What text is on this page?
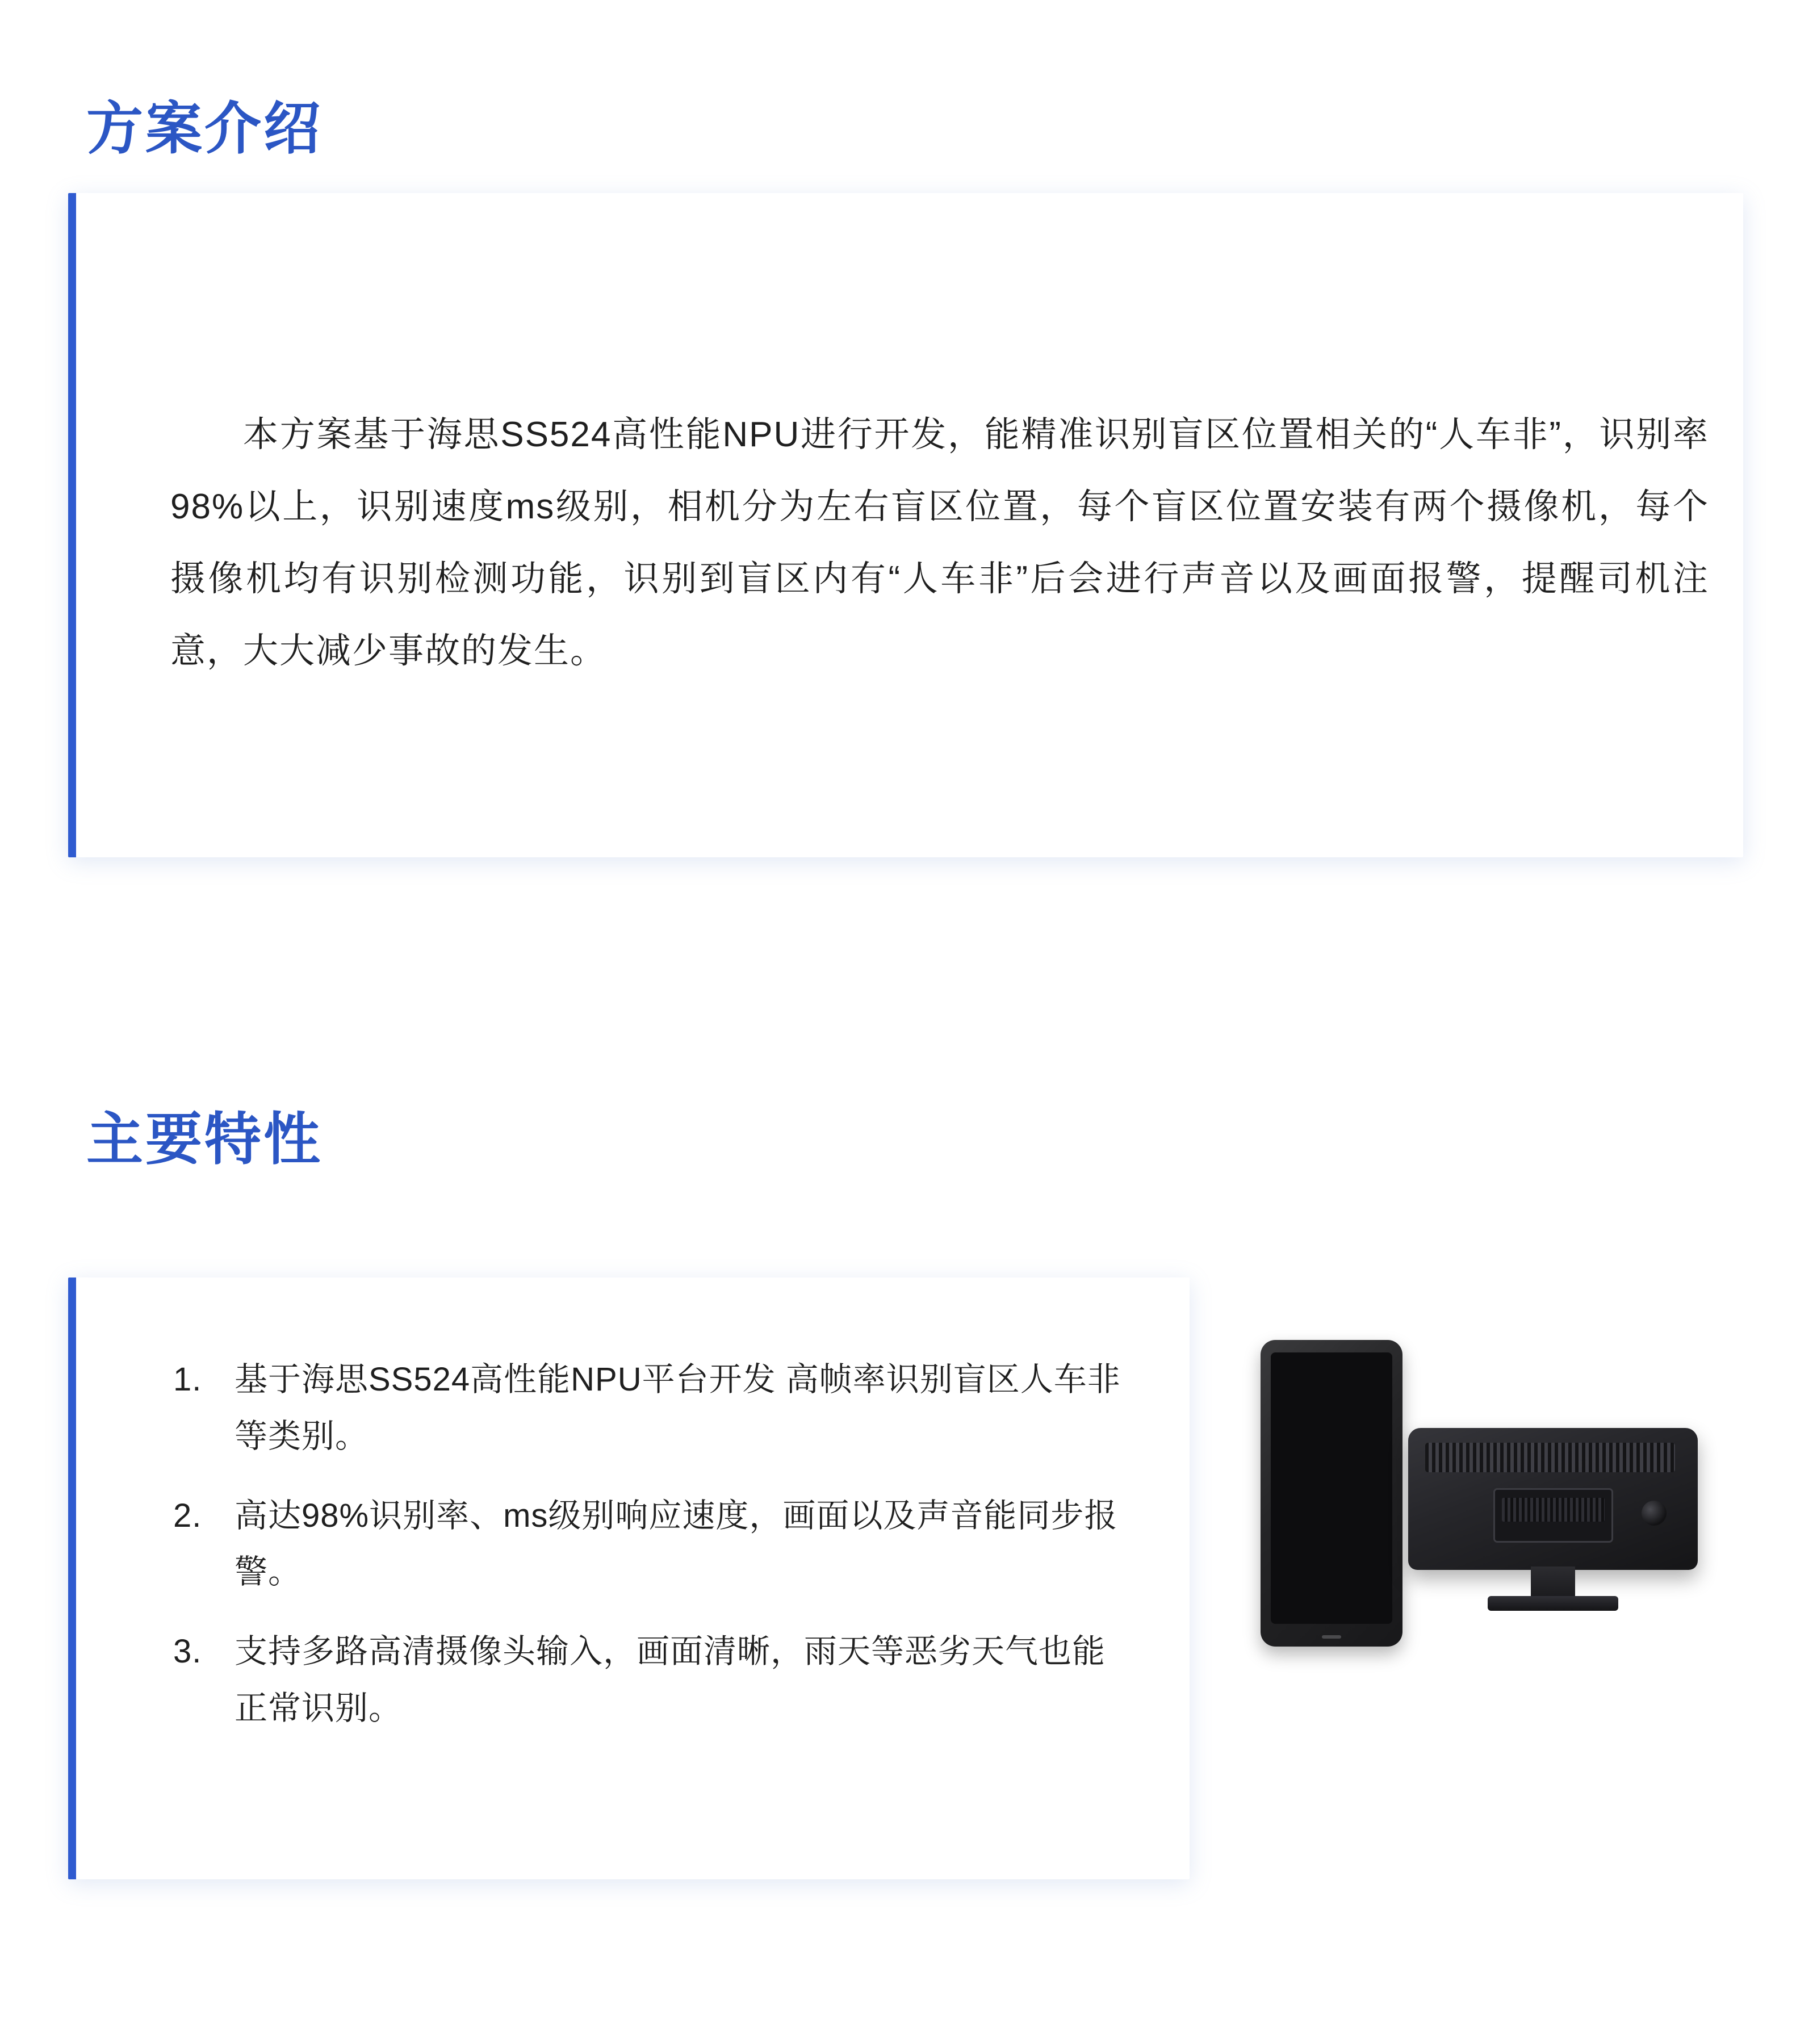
方案介绍

本方案基于海思SS524高性能NPU进行开发，能精准识别盲区位置相关的“人车非”，识别率98%以上，识别速度ms级别，相机分为左右盲区位置，每个盲区位置安装有两个摄像机，每个摄像机均有识别检测功能，识别到盲区内有“人车非”后会进行声音以及画面报警，提醒司机注意，大大减少事故的发生。

主要特性
1. 基于海思SS524高性能NPU平台开发 高帧率识别盲区人车非等类别。
2. 高达98%识别率、ms级别响应速度，画面以及声音能同步报警。
3. 支持多路高清摄像头输入，画面清晰，雨天等恶劣天气也能正常识别。
